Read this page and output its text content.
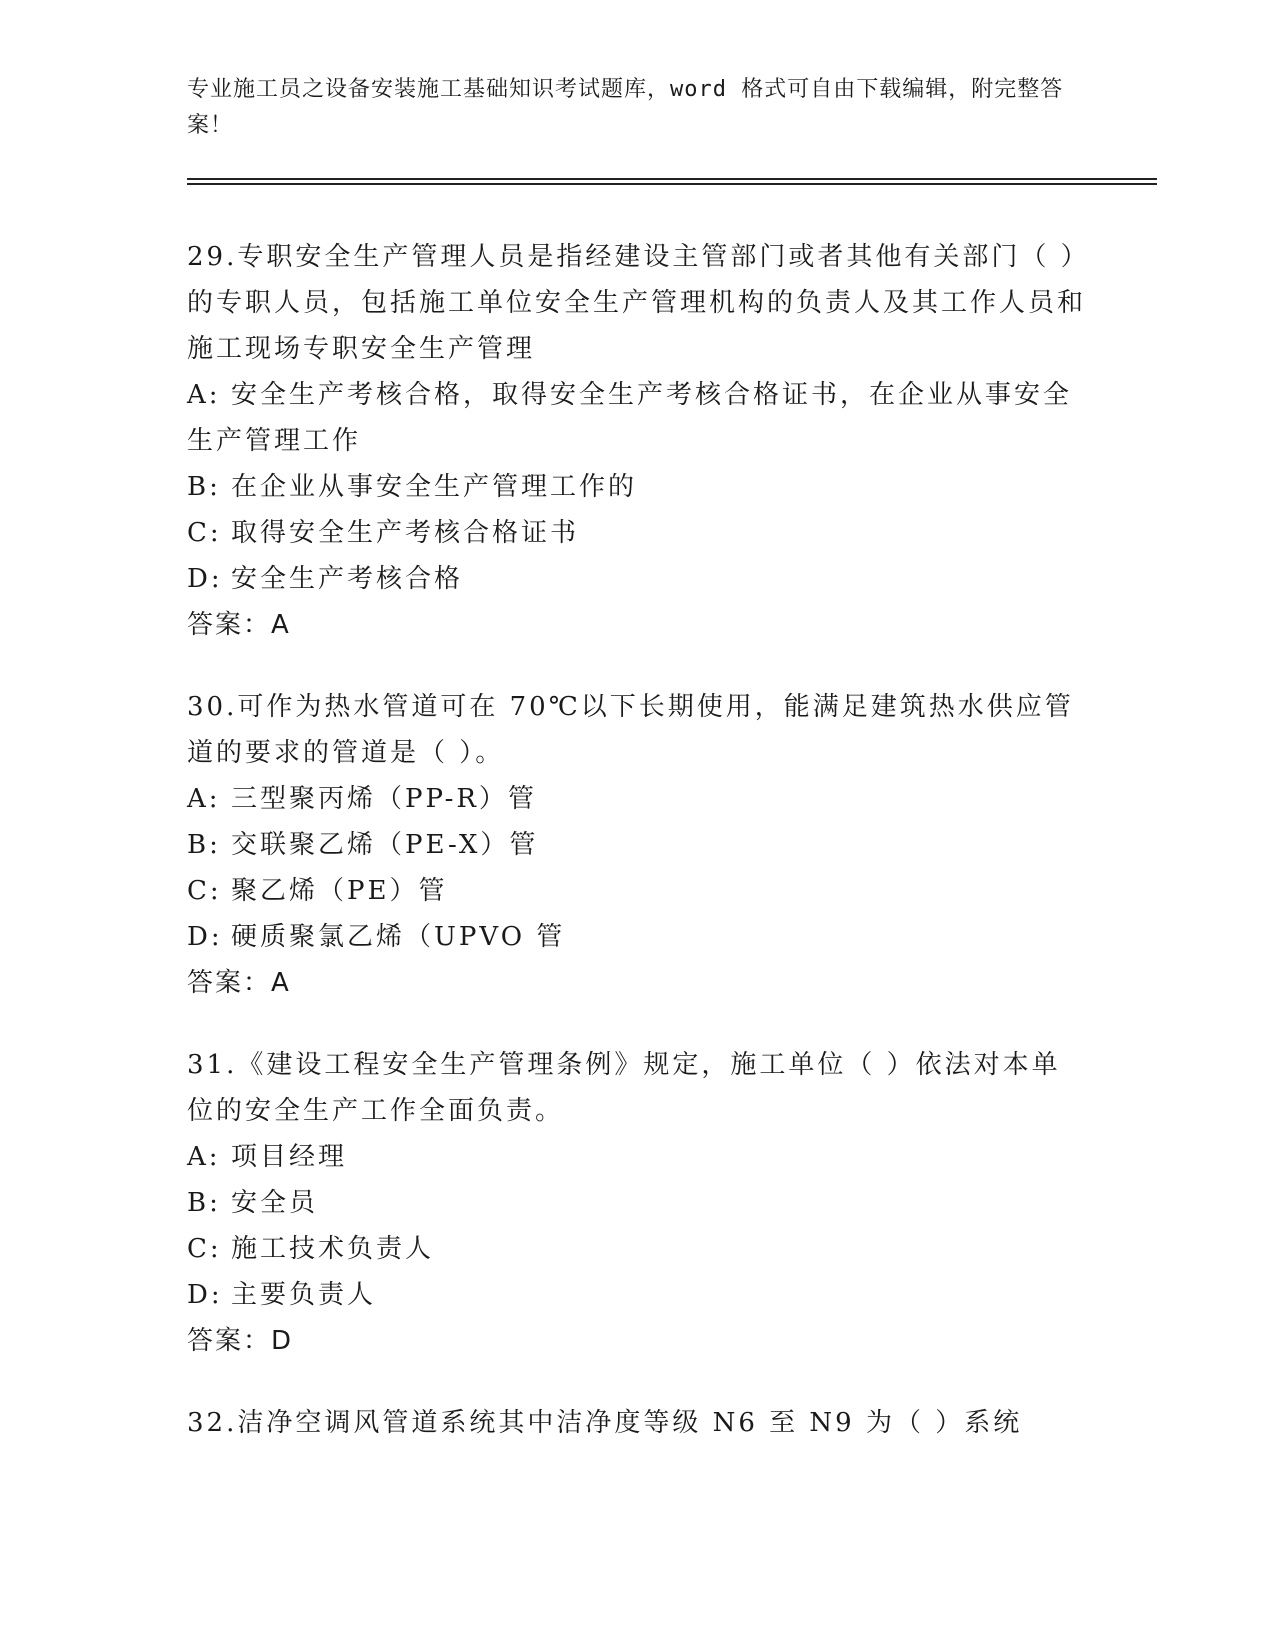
专业施工员之设备安装施工基础知识考试题库，word 格式可自由下载编辑，附完整答案！

29.专职安全生产管理人员是指经建设主管部门或者其他有关部门（ ）的专职人员，包括施工单位安全生产管理机构的负责人及其工作人员和施工现场专职安全生产管理

A: 安全生产考核合格，取得安全生产考核合格证书，在企业从事安全生产管理工作

B: 在企业从事安全生产管理工作的

C: 取得安全生产考核合格证书

D: 安全生产考核合格

答案：A

30.可作为热水管道可在 70℃以下长期使用，能满足建筑热水供应管道的要求的管道是（ ）。

A: 三型聚丙烯（PP-R）管

B: 交联聚乙烯（PE-X）管

C: 聚乙烯（PE）管

D: 硬质聚氯乙烯（UPVO 管

答案：A

31.《建设工程安全生产管理条例》规定，施工单位（ ）依法对本单位的安全生产工作全面负责。

A: 项目经理

B: 安全员

C: 施工技术负责人

D: 主要负责人

答案：D

32.洁净空调风管道系统其中洁净度等级 N6 至 N9 为（ ）系统
